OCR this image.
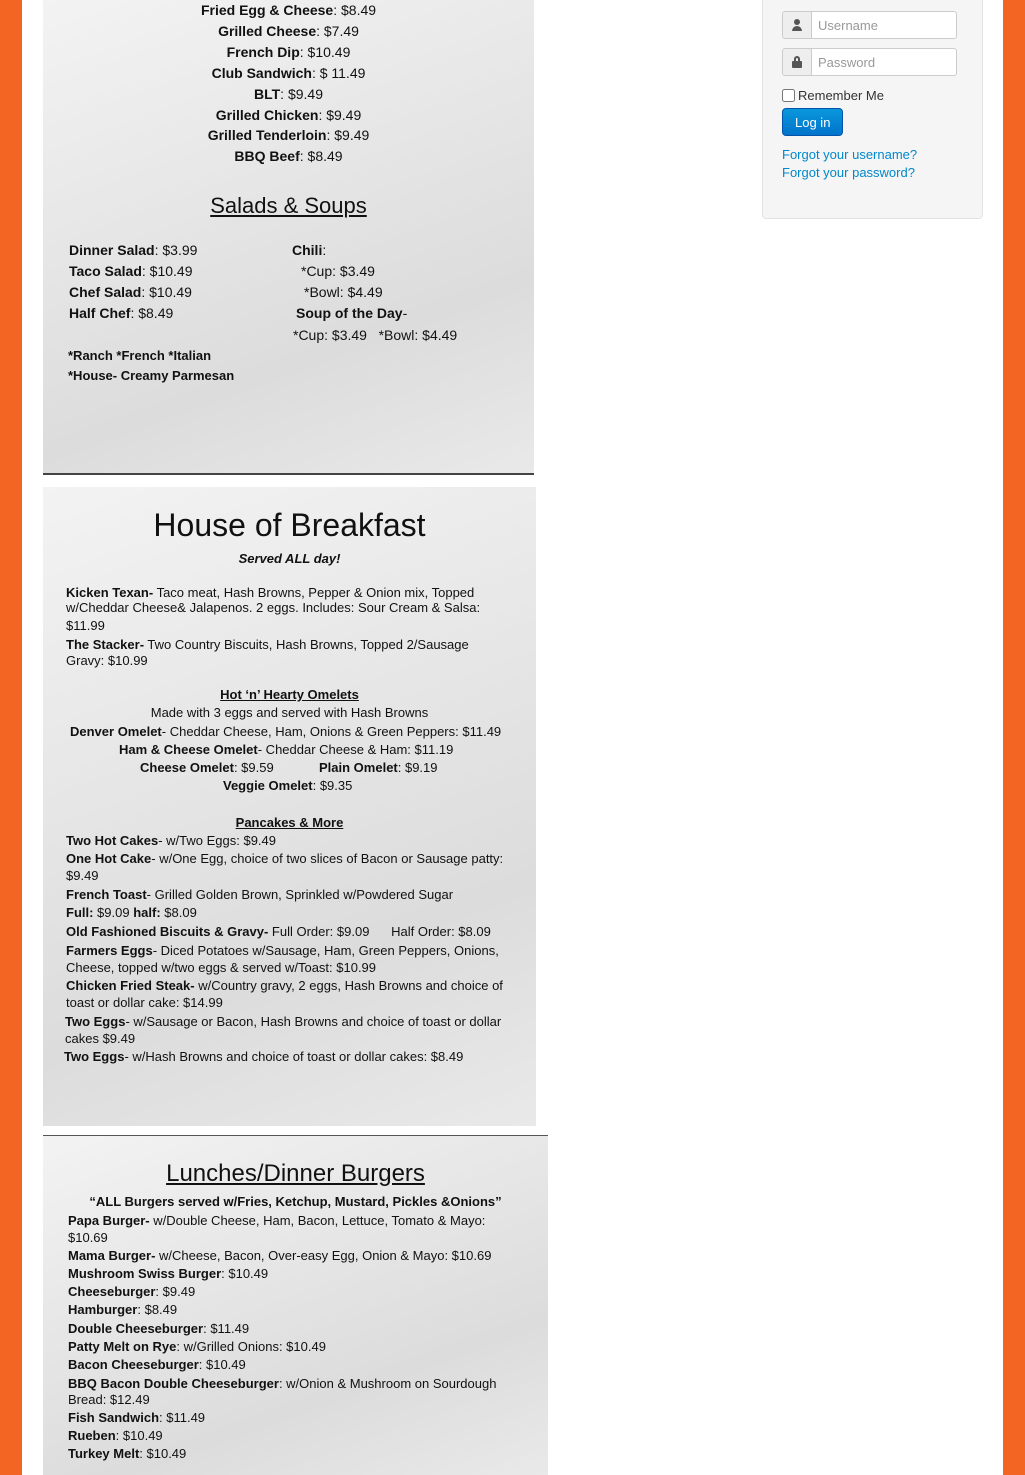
Fried Egg & Cheese: $8.49
Grilled Cheese: $7.49
French Dip: $10.49
Club Sandwich: $ 11.49
BLT: $9.49
Grilled Chicken: $9.49
Grilled Tenderloin: $9.49
BBQ Beef: $8.49
Salads & Soups
Dinner Salad: $3.99
Taco Salad: $10.49
Chef Salad: $10.49
Half Chef: $8.49
Chili:
*Cup: $3.49
*Bowl: $4.49
Soup of the Day-
*Cup: $3.49   *Bowl: $4.49
*Ranch *French *Italian
*House- Creamy Parmesan
House of Breakfast
Served ALL day!
Kicken Texan- Taco meat, Hash Browns, Pepper & Onion mix, Topped
w/Cheddar Cheese& Jalapenos. 2 eggs. Includes: Sour Cream & Salsa:
$11.99
The Stacker- Two Country Biscuits, Hash Browns, Topped 2/Sausage
Gravy: $10.99
Hot ‘n’ Hearty Omelets
Made with 3 eggs and served with Hash Browns
Denver Omelet- Cheddar Cheese, Ham, Onions & Green Peppers: $11.49
Ham & Cheese Omelet- Cheddar Cheese & Ham: $11.19
Cheese Omelet: $9.59	Plain Omelet: $9.19
Veggie Omelet: $9.35
Pancakes & More
Two Hot Cakes- w/Two Eggs: $9.49
One Hot Cake- w/One Egg, choice of two slices of Bacon or Sausage patty:
$9.49
French Toast- Grilled Golden Brown, Sprinkled w/Powdered Sugar
Full: $9.09 half: $8.09
Old Fashioned Biscuits & Gravy- Full Order: $9.09      Half Order: $8.09
Farmers Eggs- Diced Potatoes w/Sausage, Ham, Green Peppers, Onions,
Cheese, topped w/two eggs & served w/Toast: $10.99
Chicken Fried Steak- w/Country gravy, 2 eggs, Hash Browns and choice of
toast or dollar cake: $14.99
Two Eggs- w/Sausage or Bacon, Hash Browns and choice of toast or dollar
cakes $9.49
Two Eggs- w/Hash Browns and choice of toast or dollar cakes: $8.49
Lunches/Dinner Burgers
“ALL Burgers served w/Fries, Ketchup, Mustard, Pickles &Onions”
Papa Burger- w/Double Cheese, Ham, Bacon, Lettuce, Tomato & Mayo:
$10.69
Mama Burger- w/Cheese, Bacon, Over-easy Egg, Onion & Mayo: $10.69
Mushroom Swiss Burger: $10.49
Cheeseburger: $9.49
Hamburger: $8.49
Double Cheeseburger: $11.49
Patty Melt on Rye: w/Grilled Onions: $10.49
Bacon Cheeseburger: $10.49
BBQ Bacon Double Cheeseburger: w/Onion & Mushroom on Sourdough
Bread: $12.49
Fish Sandwich: $11.49
Rueben: $10.49
Turkey Melt: $10.49
Username
Remember Me
Log in
Forgot your username?
Forgot your password?
